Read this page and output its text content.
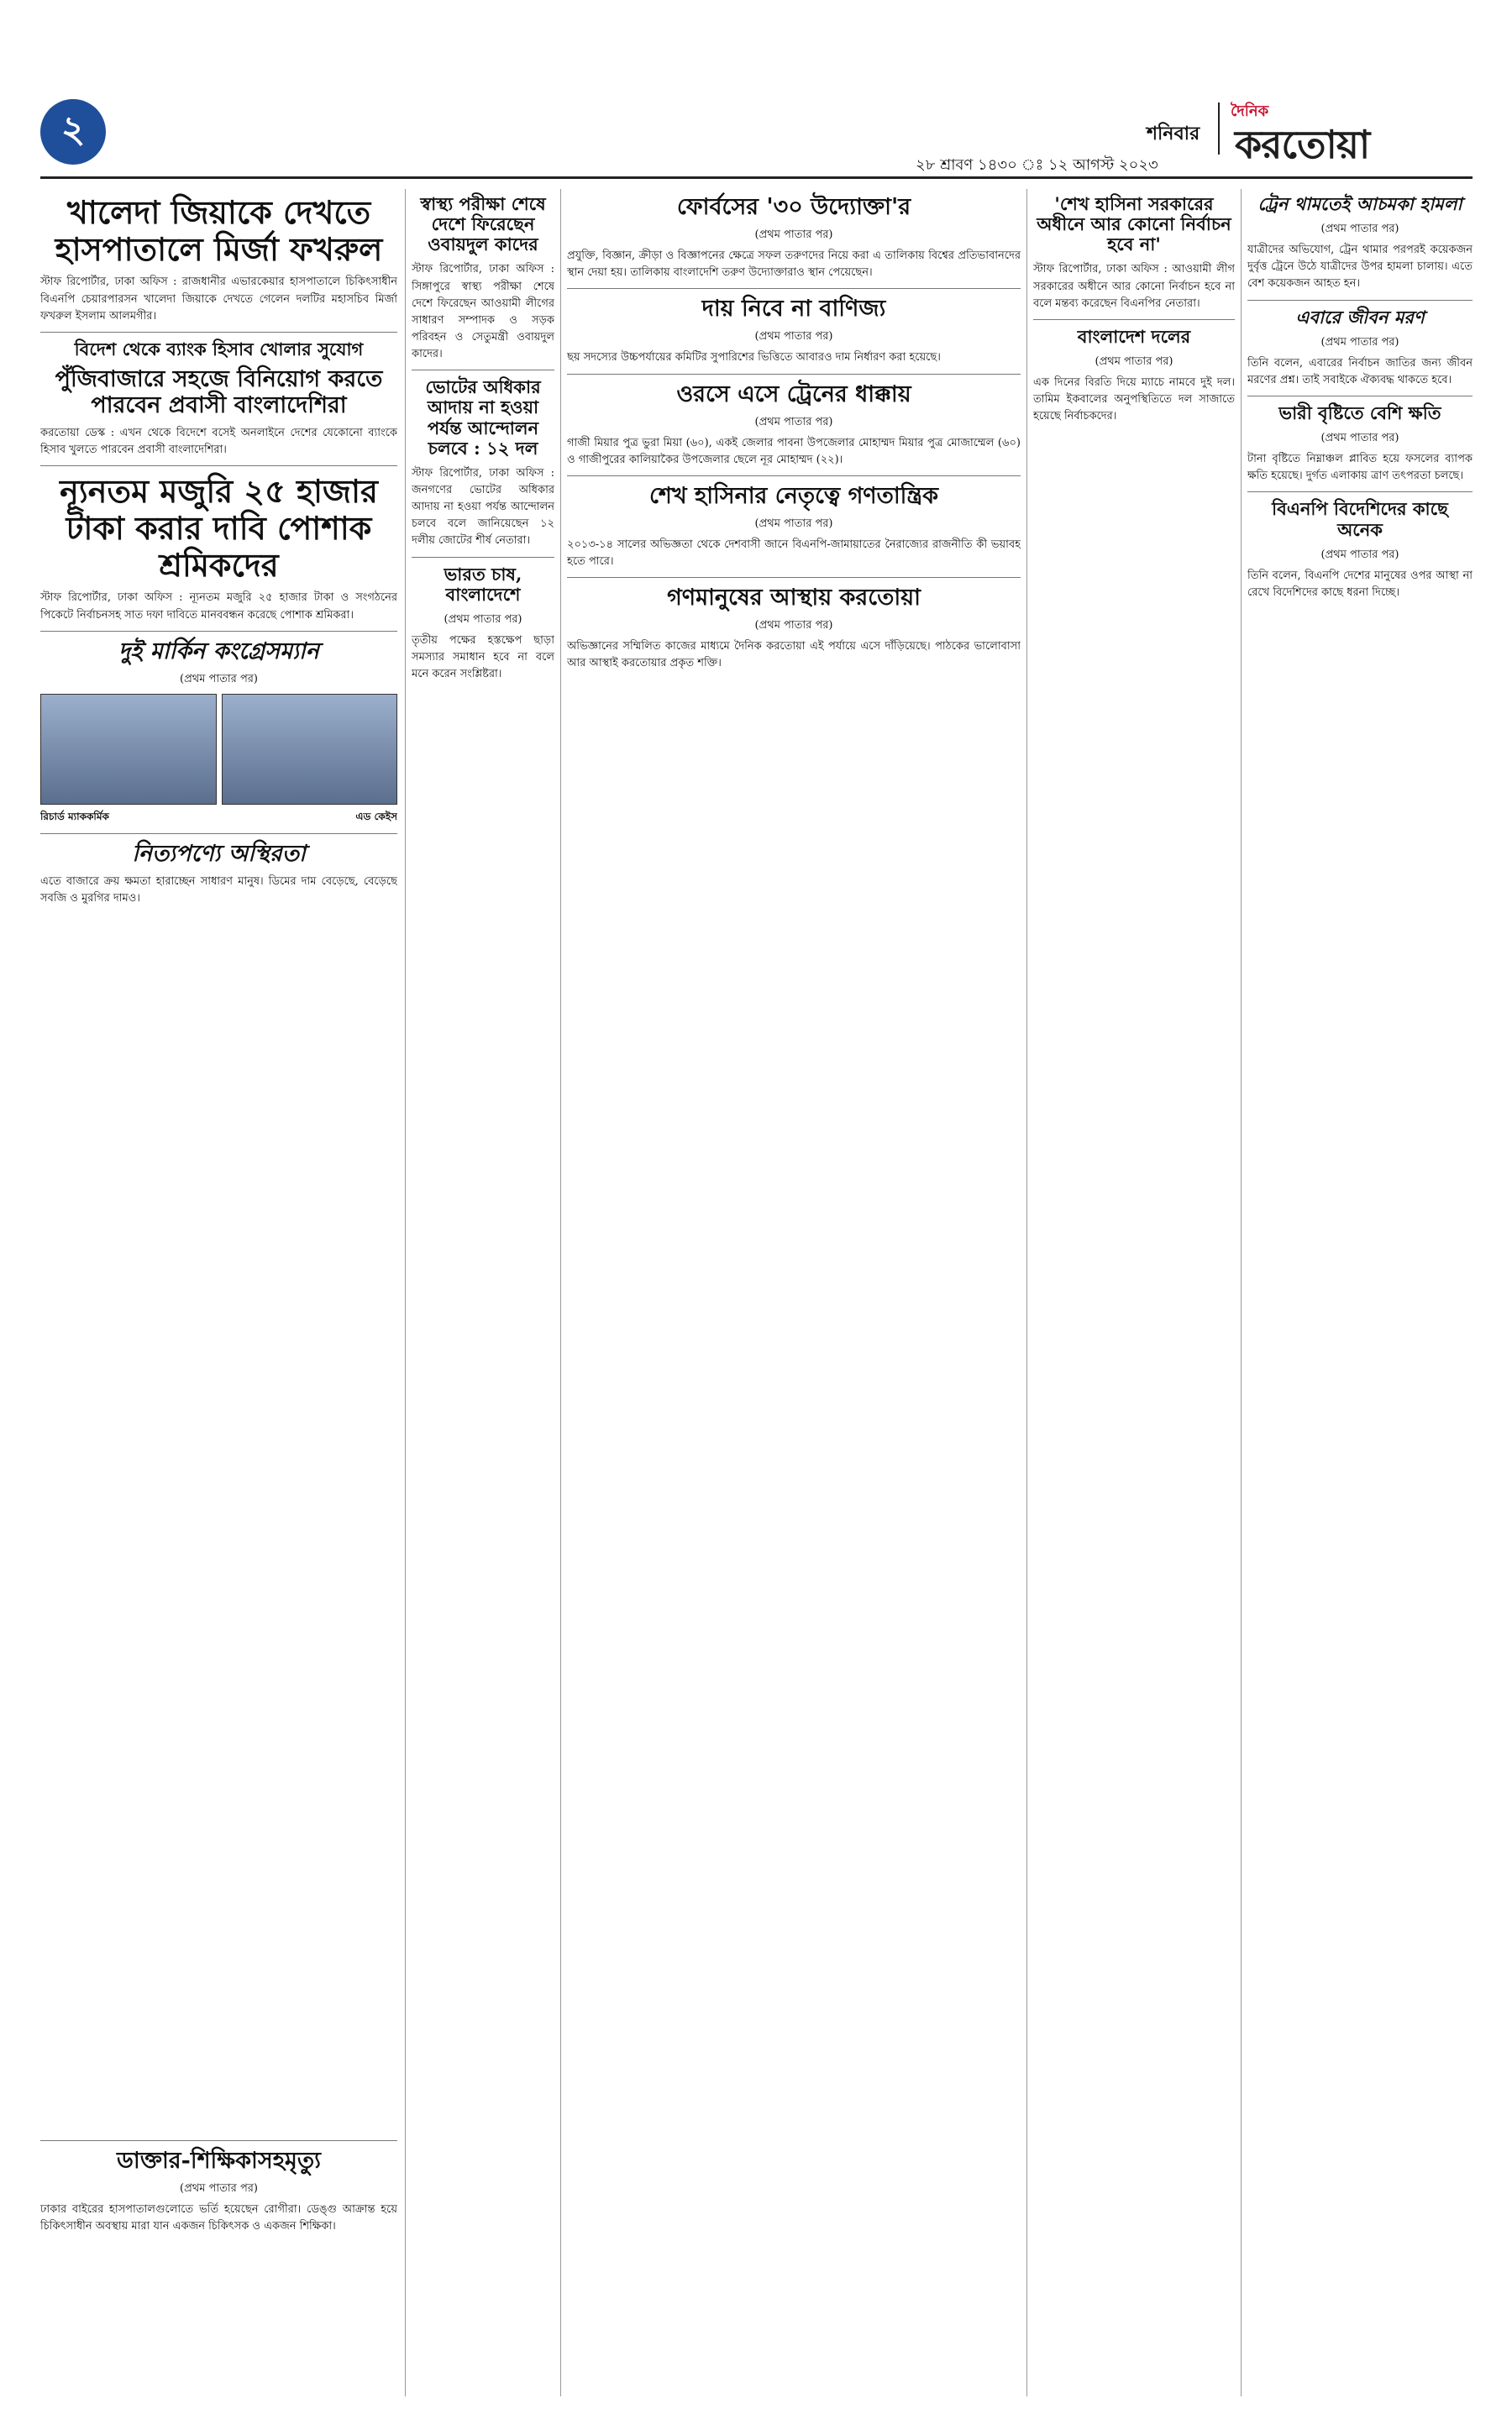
২	শনিবার
দৈনিক
করতোয়া
২৮ শ্রাবণ ১৪৩০ ঃ ১২ আগস্ট ২০২৩
খালেদা জিয়াকে দেখতে হাসপাতালে মির্জা ফখরুল

স্টাফ রিপোর্টার, ঢাকা অফিস : রাজধানীর এভারকেয়ার হাসপাতালে চিকিৎসাধীন বিএনপি চেয়ারপারসন খালেদা জিয়াকে দেখতে গেলেন দলটির মহাসচিব মির্জা ফখরুল ইসলাম আলমগীর।

বিদেশ থেকে ব্যাংক হিসাব খোলার সুযোগ
পুঁজিবাজারে সহজে বিনিয়োগ করতে পারবেন প্রবাসী বাংলাদেশিরা

করতোয়া ডেস্ক : এখন থেকে বিদেশে বসেই অনলাইনে দেশের যেকোনো ব্যাংকে হিসাব খুলতে পারবেন প্রবাসী বাংলাদেশিরা।

ন্যূনতম মজুরি ২৫ হাজার টাকা করার দাবি পোশাক শ্রমিকদের

স্টাফ রিপোর্টার, ঢাকা অফিস : ন্যূনতম মজুরি ২৫ হাজার টাকা ও সংগঠনের পিকেটে নির্বাচনসহ সাত দফা দাবিতে মানববন্ধন করেছে পোশাক শ্রমিকরা।

দুই মার্কিন কংগ্রেসম্যান
(প্রথম পাতার পর)
রিচার্ড ম্যাককর্মিক	এড কেইস
নিত্যপণ্যে অস্থিরতা

এতে বাজারে ক্রয় ক্ষমতা হারাচ্ছেন সাধারণ মানুষ। ডিমের দাম বেড়েছে, বেড়েছে সবজি ও মুরগির দামও।

স্বাস্থ্য পরীক্ষা শেষে দেশে ফিরেছেন ওবায়দুল কাদের

স্টাফ রিপোর্টার, ঢাকা অফিস : সিঙ্গাপুরে স্বাস্থ্য পরীক্ষা শেষে দেশে ফিরেছেন আওয়ামী লীগের সাধারণ সম্পাদক ও সড়ক পরিবহন ও সেতুমন্ত্রী ওবায়দুল কাদের।

ভোটের অধিকার আদায় না হওয়া পর্যন্ত আন্দোলন চলবে : ১২ দল

স্টাফ রিপোর্টার, ঢাকা অফিস : জনগণের ভোটের অধিকার আদায় না হওয়া পর্যন্ত আন্দোলন চলবে বলে জানিয়েছেন ১২ দলীয় জোটের শীর্ষ নেতারা।

ভারত চাষ, বাংলাদেশে
(প্রথম পাতার পর)

তৃতীয় পক্ষের হস্তক্ষেপ ছাড়া সমস্যার সমাধান হবে না বলে মনে করেন সংশ্লিষ্টরা।

ফোর্বসের '৩০ উদ্যোক্তা'র
(প্রথম পাতার পর)

প্রযুক্তি, বিজ্ঞান, ক্রীড়া ও বিজ্ঞাপনের ক্ষেত্রে সফল তরুণদের নিয়ে করা এ তালিকায় বিশ্বের প্রতিভাবানদের স্থান দেয়া হয়। তালিকায় বাংলাদেশি তরুণ উদ্যোক্তারাও স্থান পেয়েছেন।

দায় নিবে না বাণিজ্য
(প্রথম পাতার পর)

ছয় সদস্যের উচ্চপর্যায়ের কমিটির সুপারিশের ভিত্তিতে আবারও দাম নির্ধারণ করা হয়েছে।

ওরসে এসে ট্রেনের ধাক্কায়
(প্রথম পাতার পর)

গাজী মিয়ার পুত্র ভুরা মিয়া (৬০), একই জেলার পাবনা উপজেলার মোহাম্মদ মিয়ার পুত্র মোজাম্মেল (৬০) ও গাজীপুরের কালিয়াকৈর উপজেলার ছেলে নূর মোহাম্মদ (২২)।

শেখ হাসিনার নেতৃত্বে গণতান্ত্রিক
(প্রথম পাতার পর)

২০১৩-১৪ সালের অভিজ্ঞতা থেকে দেশবাসী জানে বিএনপি-জামায়াতের নৈরাজ্যের রাজনীতি কী ভয়াবহ হতে পারে।

গণমানুষের আস্থায় করতোয়া
(প্রথম পাতার পর)

অভিজ্ঞানের সম্মিলিত কাজের মাধ্যমে দৈনিক করতোয়া এই পর্যায়ে এসে দাঁড়িয়েছে। পাঠকের ভালোবাসা আর আস্থাই করতোয়ার প্রকৃত শক্তি।

'শেখ হাসিনা সরকারের অধীনে আর কোনো নির্বাচন হবে না'

স্টাফ রিপোর্টার, ঢাকা অফিস : আওয়ামী লীগ সরকারের অধীনে আর কোনো নির্বাচন হবে না বলে মন্তব্য করেছেন বিএনপির নেতারা।

বাংলাদেশ দলের
(প্রথম পাতার পর)

এক দিনের বিরতি দিয়ে ম্যাচে নামবে দুই দল। তামিম ইকবালের অনুপস্থিতিতে দল সাজাতে হয়েছে নির্বাচকদের।

ট্রেন থামতেই আচমকা হামলা
(প্রথম পাতার পর)

যাত্রীদের অভিযোগ, ট্রেন থামার পরপরই কয়েকজন দুর্বৃত্ত ট্রেনে উঠে যাত্রীদের উপর হামলা চালায়। এতে বেশ কয়েকজন আহত হন।

এবারে জীবন মরণ
(প্রথম পাতার পর)

তিনি বলেন, এবারের নির্বাচন জাতির জন্য জীবন মরণের প্রশ্ন। তাই সবাইকে ঐক্যবদ্ধ থাকতে হবে।

ভারী বৃষ্টিতে বেশি ক্ষতি
(প্রথম পাতার পর)

টানা বৃষ্টিতে নিম্নাঞ্চল প্লাবিত হয়ে ফসলের ব্যাপক ক্ষতি হয়েছে। দুর্গত এলাকায় ত্রাণ তৎপরতা চলছে।

বিএনপি বিদেশিদের কাছে অনেক
(প্রথম পাতার পর)

তিনি বলেন, বিএনপি দেশের মানুষের ওপর আস্থা না রেখে বিদেশিদের কাছে ধরনা দিচ্ছে।

ডাক্তার-শিক্ষিকাসহমৃত্যু
(প্রথম পাতার পর)

ঢাকার বাইরের হাসপাতালগুলোতে ভর্তি হয়েছেন রোগীরা। ডেঙ্গু আক্রান্ত হয়ে চিকিৎসাধীন অবস্থায় মারা যান একজন চিকিৎসক ও একজন শিক্ষিকা।
